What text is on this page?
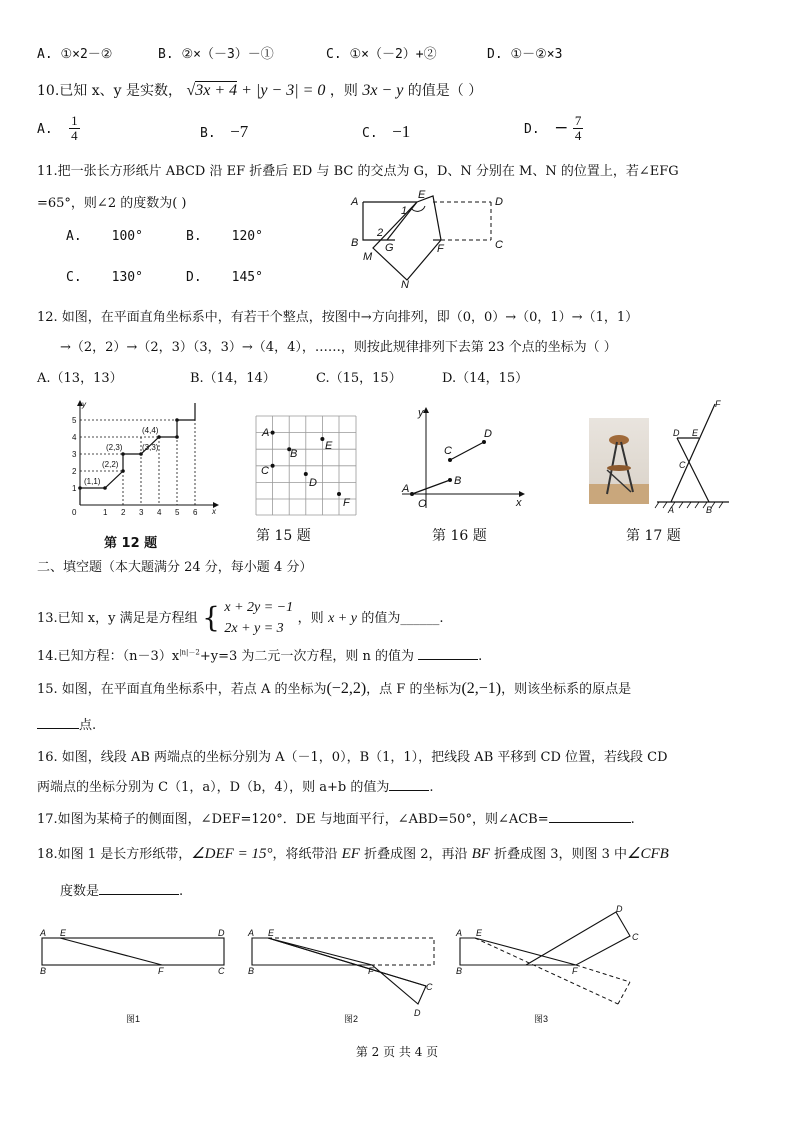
A. ①×2－②	B. ②×（－3）－①	C. ①×（－2）+②	D. ①－②×3
10.已知 x、y 是实数， √3x + 4 + |y − 3| = 0 ，则 3x − y 的值是（ ）
A. $\frac{1}{4}$	B. −7	C. −1	D. − $\frac{7}{4}$
11.把一张长方形纸片 ABCD 沿 EF 折叠后 ED 与 BC 的交点为 G，D、N 分别在 M、N 的位置上，若∠EFG
=65°，则∠2 的度数为( )
A. 100°	B. 120°
C. 130°	D. 145°
A
B
E
D
C
G	F
M
N
1
2
12. 如图，在平面直角坐标系中，有若干个整点，按图中→方向排列，即（0，0）→（0，1）→（1，1）
→（2，2）→（2，3）（3，3）→（4，4），……，则按此规律排列下去第 23 个点的坐标为（ ）
A.（13，13）	B.（14，14）	C.（15，15）	D.（14，15）
(1,1)
(2,2)
(3,3)
(4,4)
(2,3)
y
x
0	1 2 3 4 5 6
1
2
3
4
5
第 12 题
A
B
C
D
E
F
第 15 题
y
x
O
A
B
C
D
第 16 题
F
D E
C
A	B
第 17 题
二、填空题（本大题满分 24 分，每小题 4 分）
13.已知 x，y 满足是方程组 { x + 2y = −1
2x + y = 3
，则 x + y 的值为______.
14.已知方程：$(n-3)x^{|n|-2}+y=3$ 为二元一次方程，则 n 的值为	.
15. 如图，在平面直角坐标系中，若点 A 的坐标为(−2,2)，点 F 的坐标为(2,−1)，则该坐标系的原点是
点.
16. 如图，线段 AB 两端点的坐标分别为 A（－1，0），B（1，1），把线段 AB 平移到 CD 位置，若线段 CD
两端点的坐标分别为 C（1，a），D（b，4），则 a+b 的值为	.
17.如图为某椅子的侧面图，∠DEF=120°．DE 与地面平行，∠ABD=50°，则∠ACB=	.
18.如图 1 是长方形纸带，∠DEF = 15°，将纸带沿 EF 折叠成图 2，再沿 BF 折叠成图 3，则图 3 中∠CFB
度数是	.
A E	D
B	F	C
图1
A E
B	F
C
D
图2
A E
B	F
D
C
图3
第 2 页 共 4 页
